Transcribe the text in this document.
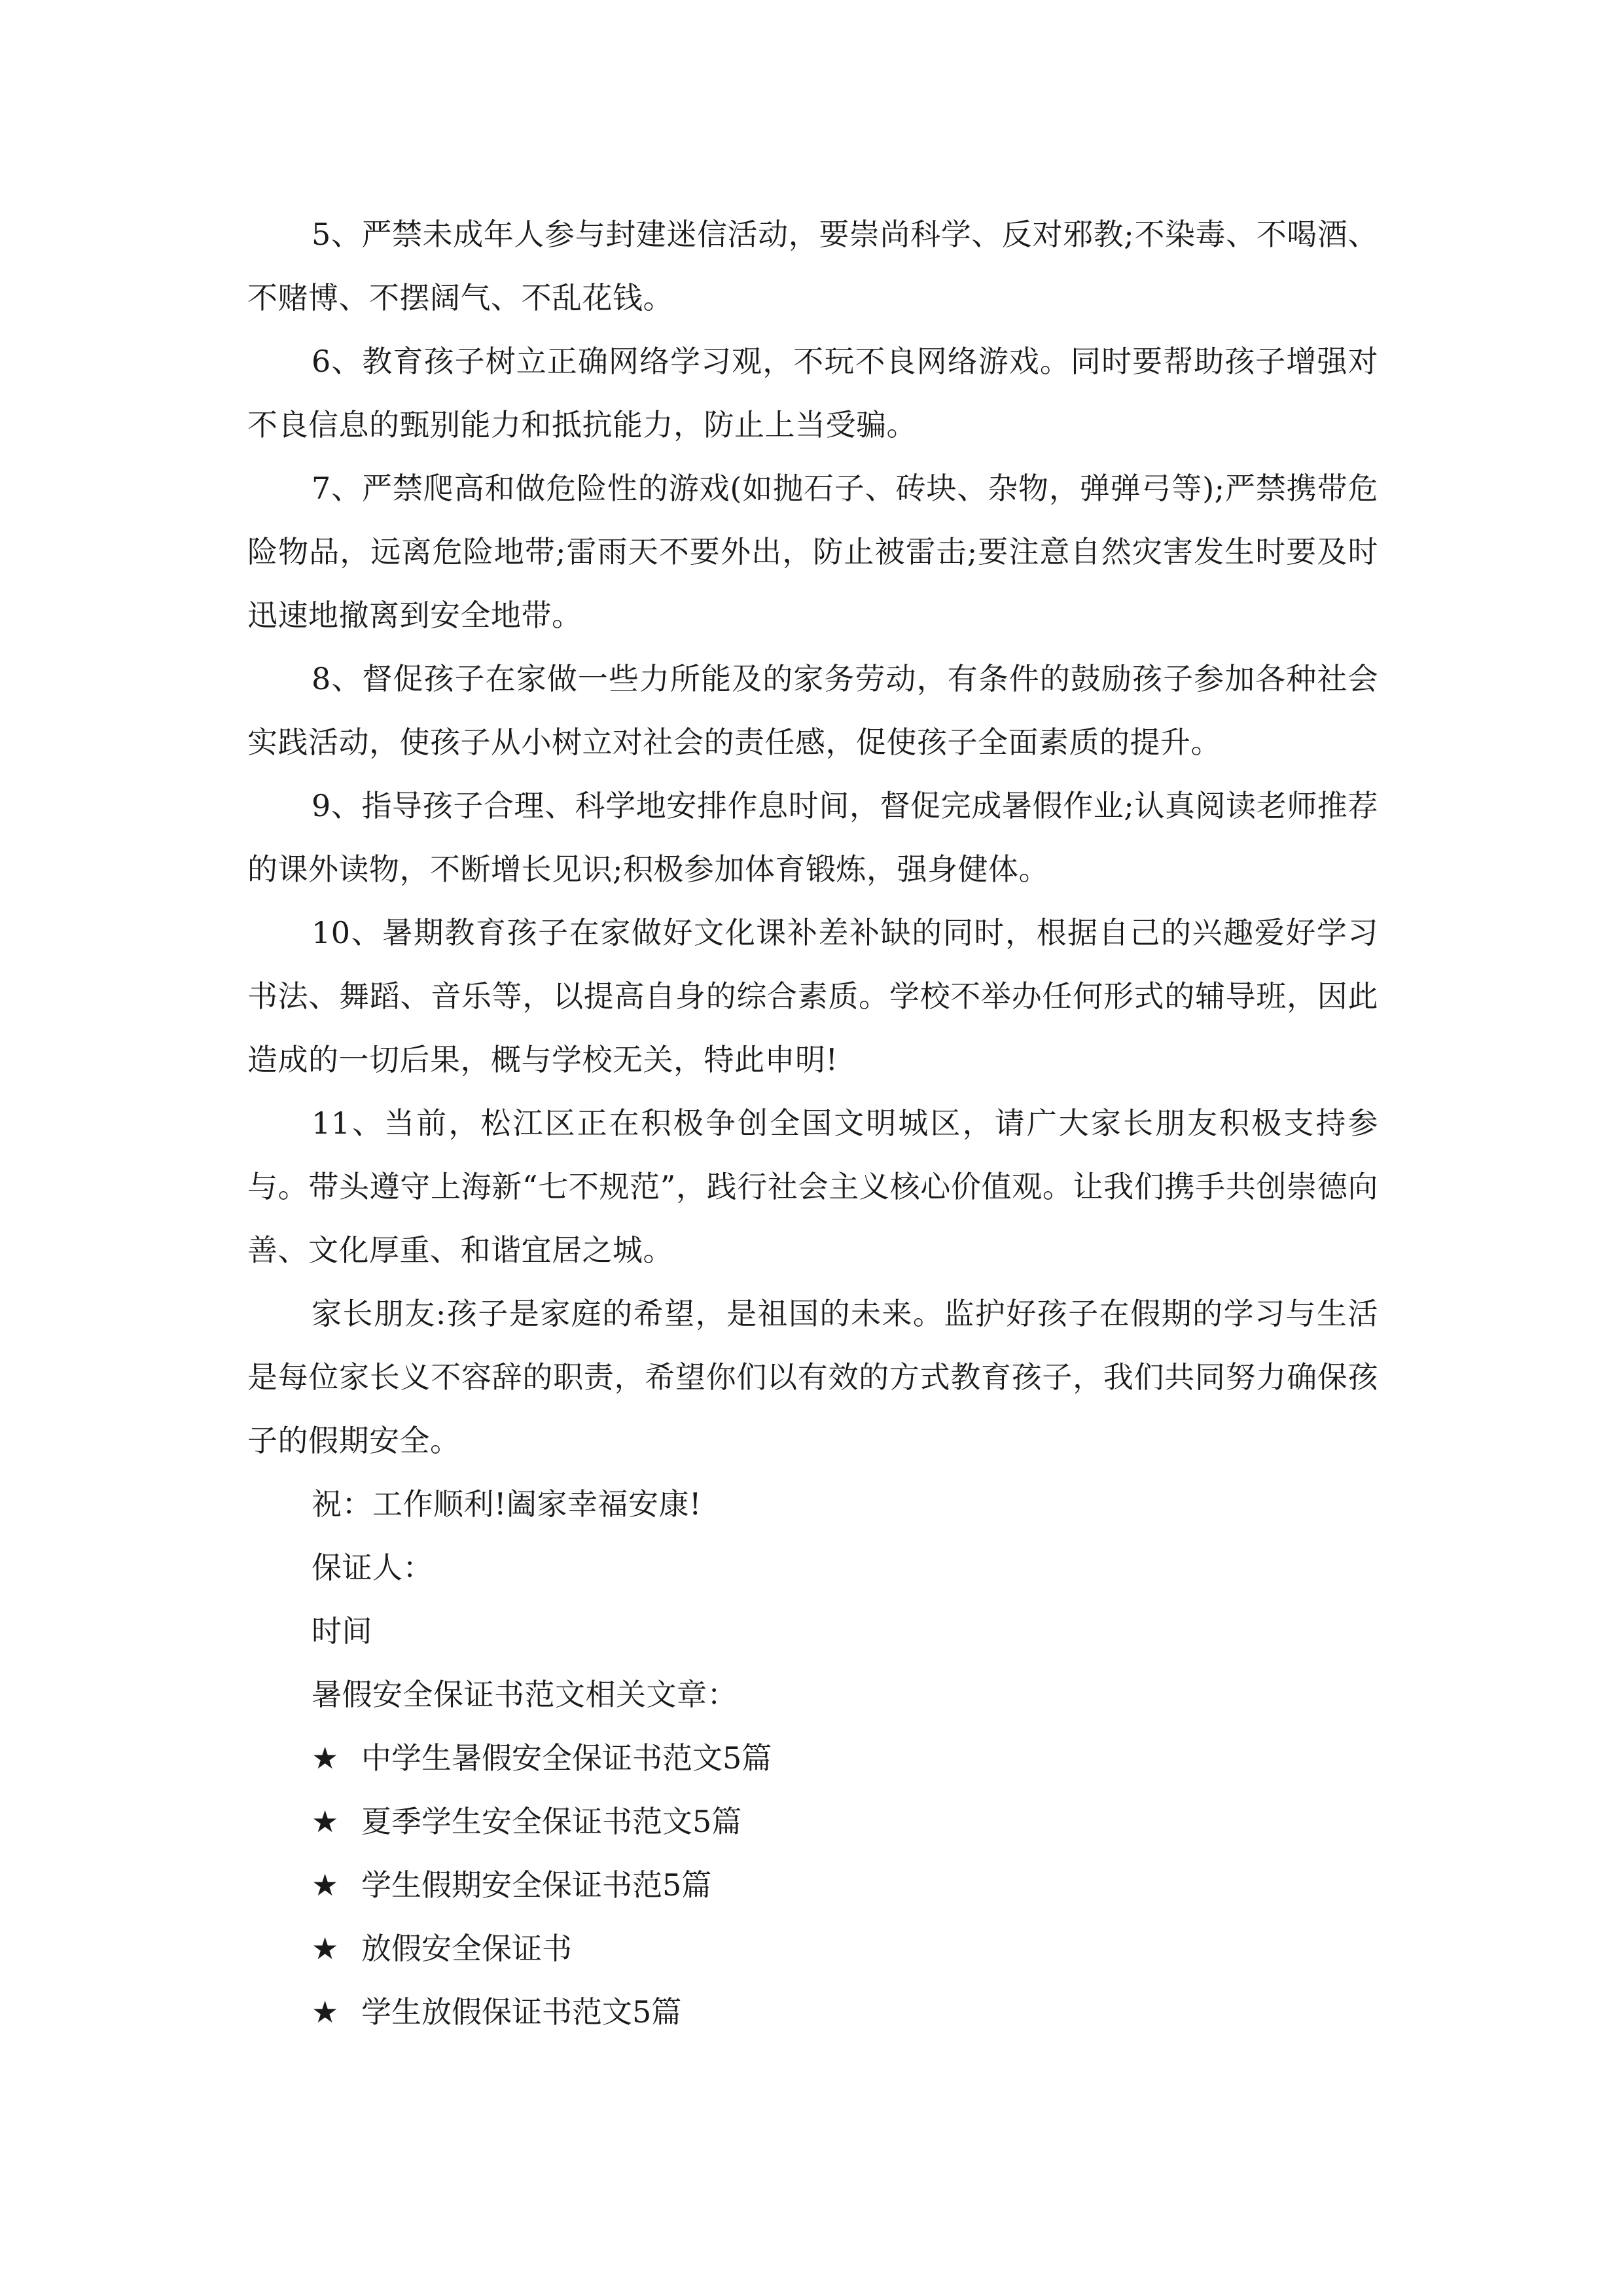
5、严禁未成年人参与封建迷信活动，要崇尚科学、反对邪教;不染毒、不喝酒、不赌博、不摆阔气、不乱花钱。

6、教育孩子树立正确网络学习观，不玩不良网络游戏。同时要帮助孩子增强对不良信息的甄别能力和抵抗能力，防止上当受骗。

7、严禁爬高和做危险性的游戏(如抛石子、砖块、杂物，弹弹弓等);严禁携带危险物品，远离危险地带;雷雨天不要外出，防止被雷击;要注意自然灾害发生时要及时迅速地撤离到安全地带。

8、督促孩子在家做一些力所能及的家务劳动，有条件的鼓励孩子参加各种社会实践活动，使孩子从小树立对社会的责任感，促使孩子全面素质的提升。

9、指导孩子合理、科学地安排作息时间，督促完成暑假作业;认真阅读老师推荐的课外读物，不断增长见识;积极参加体育锻炼，强身健体。

10、暑期教育孩子在家做好文化课补差补缺的同时，根据自己的兴趣爱好学习书法、舞蹈、音乐等，以提高自身的综合素质。学校不举办任何形式的辅导班，因此造成的一切后果，概与学校无关，特此申明!

11、当前，松江区正在积极争创全国文明城区，请广大家长朋友积极支持参与。带头遵守上海新“七不规范”，践行社会主义核心价值观。让我们携手共创崇德向善、文化厚重、和谐宜居之城。

家长朋友:孩子是家庭的希望，是祖国的未来。监护好孩子在假期的学习与生活是每位家长义不容辞的职责，希望你们以有效的方式教育孩子，我们共同努力确保孩子的假期安全。

祝：工作顺利!阖家幸福安康!

保证人：

时间

暑假安全保证书范文相关文章：

★ 中学生暑假安全保证书范文5篇

★ 夏季学生安全保证书范文5篇

★ 学生假期安全保证书范5篇

★ 放假安全保证书

★ 学生放假保证书范文5篇
